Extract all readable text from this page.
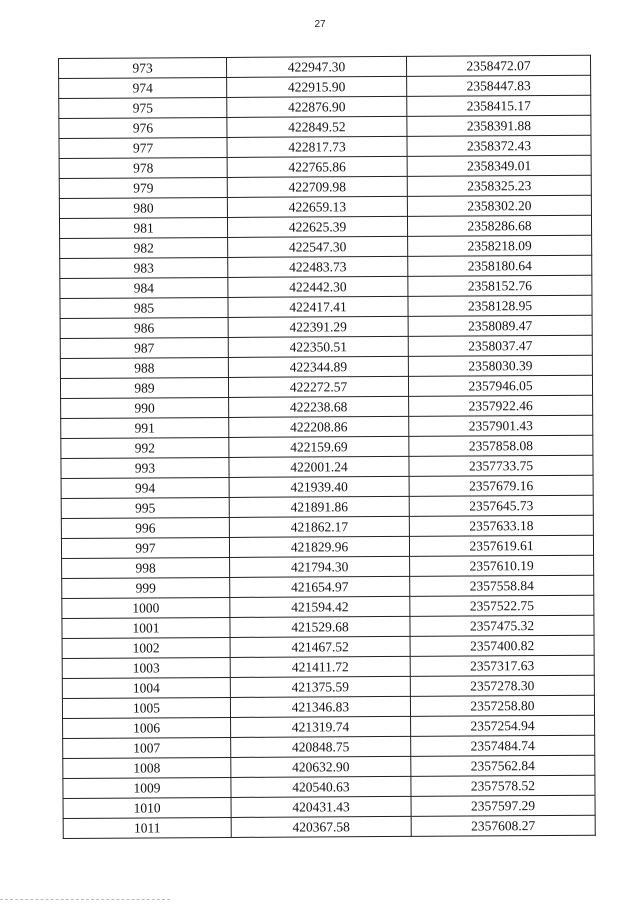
27
973	422947.30	2358472.07
974	422915.90	2358447.83
975	422876.90	2358415.17
976	422849.52	2358391.88
977	422817.73	2358372.43
978	422765.86	2358349.01
979	422709.98	2358325.23
980	422659.13	2358302.20
981	422625.39	2358286.68
982	422547.30	2358218.09
983	422483.73	2358180.64
984	422442.30	2358152.76
985	422417.41	2358128.95
986	422391.29	2358089.47
987	422350.51	2358037.47
988	422344.89	2358030.39
989	422272.57	2357946.05
990	422238.68	2357922.46
991	422208.86	2357901.43
992	422159.69	2357858.08
993	422001.24	2357733.75
994	421939.40	2357679.16
995	421891.86	2357645.73
996	421862.17	2357633.18
997	421829.96	2357619.61
998	421794.30	2357610.19
999	421654.97	2357558.84
1000	421594.42	2357522.75
1001	421529.68	2357475.32
1002	421467.52	2357400.82
1003	421411.72	2357317.63
1004	421375.59	2357278.30
1005	421346.83	2357258.80
1006	421319.74	2357254.94
1007	420848.75	2357484.74
1008	420632.90	2357562.84
1009	420540.63	2357578.52
1010	420431.43	2357597.29
1011	420367.58	2357608.27
